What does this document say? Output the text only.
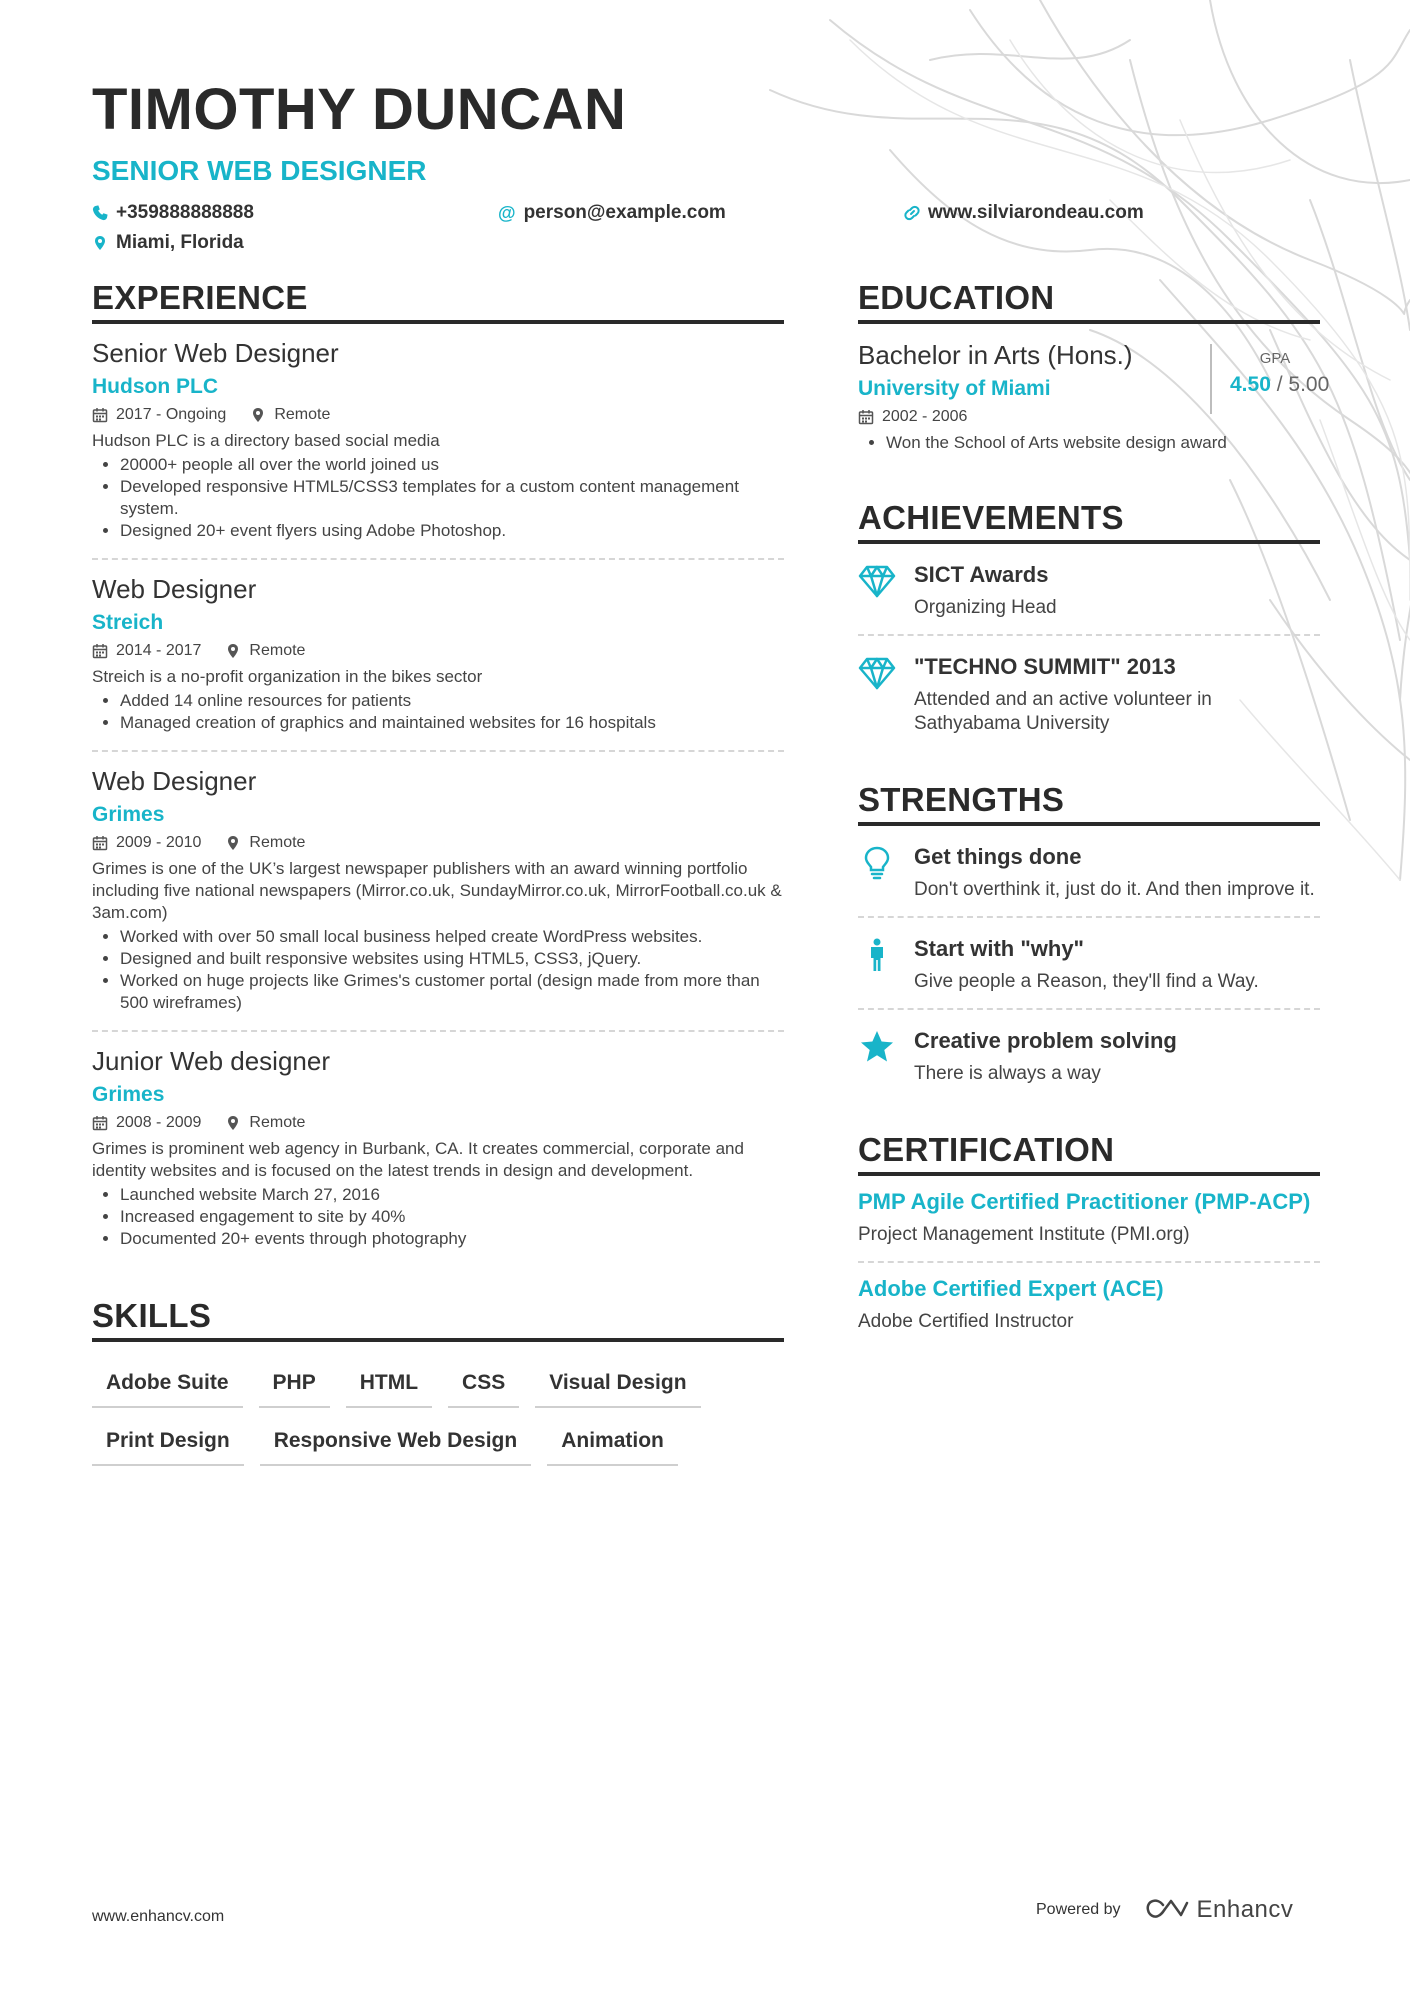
TIMOTHY DUNCAN
SENIOR WEB DESIGNER
+359888888888	@ person@example.com	www.silviarondeau.com
Miami, Florida
EXPERIENCE

Senior Web Designer

Hudson PLC

2017 - Ongoing	Remote

Hudson PLC is a directory based social media

• 20000+ people all over the world joined us
• Developed responsive HTML5/CSS3 templates for a custom content management system.
• Designed 20+ event flyers using Adobe Photoshop.

Web Designer

Streich

2014 - 2017	Remote

Streich is a no-profit organization in the bikes sector

• Added 14 online resources for patients
• Managed creation of graphics and maintained websites for 16 hospitals

Web Designer

Grimes

2009 - 2010	Remote

Grimes is one of the UK’s largest newspaper publishers with an award winning portfolio including five national newspapers (Mirror.co.uk, SundayMirror.co.uk, MirrorFootball.co.uk & 3am.com)

• Worked with over 50 small local business helped create WordPress websites.
• Designed and built responsive websites using HTML5, CSS3, jQuery.
• Worked on huge projects like Grimes's customer portal (design made from more than 500 wireframes)

Junior Web designer

Grimes

2008 - 2009	Remote

Grimes is prominent web agency in Burbank, CA. It creates commercial, corporate and identity websites and is focused on the latest trends in design and development.

• Launched website March 27, 2016
• Increased engagement to site by 40%
• Documented 20+ events through photography
SKILLS
Adobe Suite	PHP	HTML	CSS	Visual Design
Print Design	Responsive Web Design	Animation
EDUCATION

Bachelor in Arts (Hons.)

University of Miami

2002 - 2006
GPA
4.50 / 5.00
• Won the School of Arts website design award
ACHIEVEMENTS

SICT Awards

Organizing Head

"TECHNO SUMMIT" 2013

Attended and an active volunteer in Sathyabama University

STRENGTHS

Get things done

Don't overthink it, just do it. And then improve it.

Start with "why"

Give people a Reason, they'll find a Way.

Creative problem solving

There is always a way

CERTIFICATION

PMP Agile Certified Practitioner (PMP-ACP)

Project Management Institute (PMI.org)

Adobe Certified Expert (ACE)

Adobe Certified Instructor

www.enhancv.com	Powered by	Enhancv
